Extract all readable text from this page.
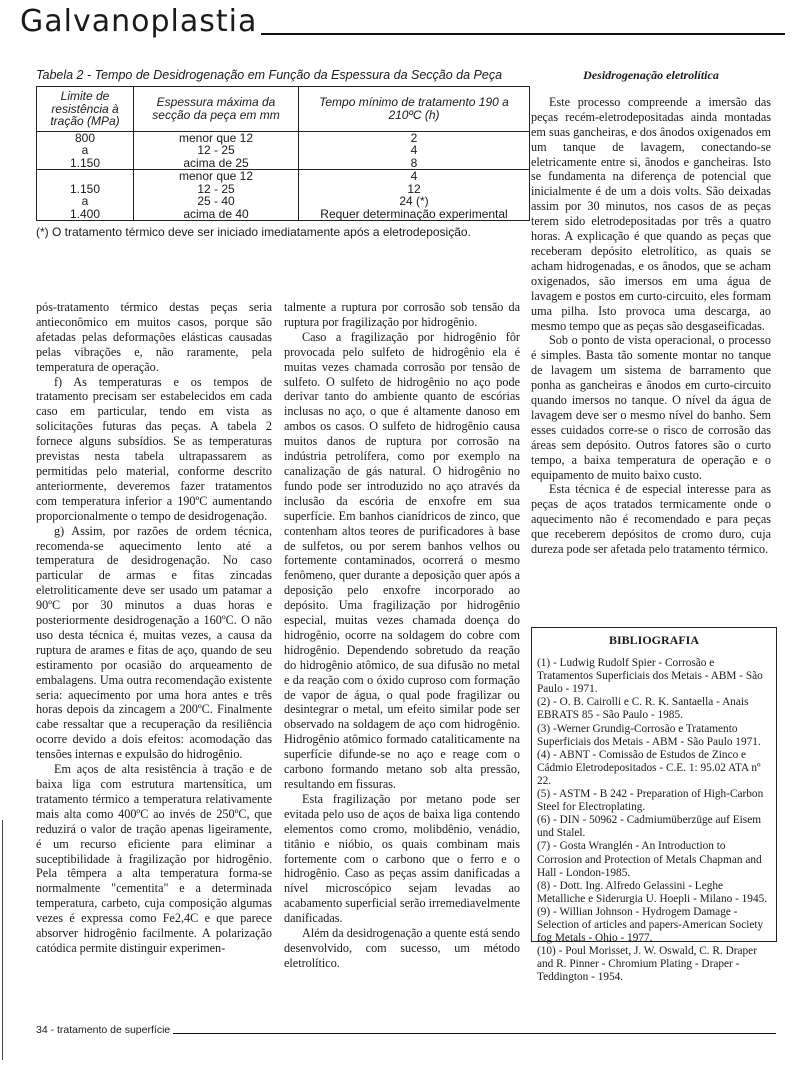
Galvanoplastia
Tabela 2 - Tempo de Desidrogenação em Função da Espessura da Secção da Peça
Limite de resistência à tração (MPa)	Espessura máxima da secção da peça em mm	Tempo mínimo de tratamento 190 a 210ºC (h)
800	menor que 12	2
a	12 - 25	4
1.150	acima de 25	8
	menor que 12	4
1.150	12 - 25	12
a	25 - 40	24 (*)
1.400	acima de 40	Requer determinação experimental
(*) O tratamento térmico deve ser iniciado imediatamente após a eletrodeposição.

pós-tratamento térmico destas peças seria antieconômico em muitos casos, porque são afetadas pelas deformações elásticas causadas pelas vibrações e, não raramente, pela temperatura de operação.

f) As temperaturas e os tempos de tratamento precisam ser estabelecidos em cada caso em particular, tendo em vista as solicitações futuras das peças. A tabela 2 fornece alguns subsídios. Se as temperaturas previstas nesta tabela ultrapassarem as permitidas pelo material, conforme descrito anteriormente, deveremos fazer tratamentos com temperatura inferior a 190ºC aumentando proporcionalmente o tempo de desidrogenação.

g) Assim, por razões de ordem técnica, recomenda-se aquecimento lento até a temperatura de desidrogenação. No caso particular de armas e fitas zincadas eletroliticamente deve ser usado um patamar a 90ºC por 30 minutos a duas horas e posteriormente desidrogenação a 160ºC. O não uso desta técnica é, muitas vezes, a causa da ruptura de arames e fitas de aço, quando de seu estiramento por ocasião do arqueamento de embalagens. Uma outra recomendação existente seria: aquecimento por uma hora antes e três horas depois da zincagem a 200ºC. Finalmente cabe ressaltar que a recuperação da resiliência ocorre devido a dois efeitos: acomodação das tensões internas e expulsão do hidrogênio.

Em aços de alta resistência à tração e de baixa liga com estrutura martensítica, um tratamento térmico a temperatura relativamente mais alta como 400ºC ao invés de 250ºC, que reduzirá o valor de tração apenas ligeiramente, é um recurso eficiente para eliminar a suceptibilidade à fragilização por hidrogênio. Pela têmpera a alta temperatura forma-se normalmente "cementita" e a determinada temperatura, carbeto, cuja composição algumas vezes é expressa como Fe2,4C e que parece absorver hidrogênio facilmente. A polarização catódica permite distinguir experimen-

talmente a ruptura por corrosão sob tensão da ruptura por fragilização por hidrogênio.

Caso a fragilização por hidrogênio fôr provocada pelo sulfeto de hidrogênio ela é muitas vezes chamada corrosão por tensão de sulfeto. O sulfeto de hidrogênio no aço pode derivar tanto do ambiente quanto de escórias inclusas no aço, o que é altamente danoso em ambos os casos. O sulfeto de hidrogênio causa muitos danos de ruptura por corrosão na indústria petrolífera, como por exemplo na canalização de gás natural. O hidrogênio no fundo pode ser introduzido no aço através da inclusão da escória de enxofre em sua superfície. Em banhos cianídricos de zinco, que contenham altos teores de purificadores à base de sulfetos, ou por serem banhos velhos ou fortemente contaminados, ocorrerá o mesmo fenômeno, quer durante a deposição quer após a deposição pelo enxofre incorporado ao depósito. Uma fragilização por hidrogênio especial, muitas vezes chamada doença do hidrogênio, ocorre na soldagem do cobre com hidrogênio. Dependendo sobretudo da reação do hidrogênio atômico, de sua difusão no metal e da reação com o óxido cuproso com formação de vapor de água, o qual pode fragilizar ou desintegrar o metal, um efeito similar pode ser observado na soldagem de aço com hidrogênio. Hidrogênio atômico formado cataliticamente na superfície difunde-se no aço e reage com o carbono formando metano sob alta pressão, resultando em fissuras.

Esta fragilização por metano pode ser evitada pelo uso de aços de baixa liga contendo elementos como cromo, molibdênio, venádio, titânio e nióbio, os quais combinam mais fortemente com o carbono que o ferro e o hidrogênio. Caso as peças assim danificadas a nível microscópico sejam levadas ao acabamento superficial serão irremediavelmente danificadas.

Além da desidrogenação a quente está sendo desenvolvido, com sucesso, um método eletrolítico.

Desidrogenação eletrolítica

Este processo compreende a imersão das peças recém-eletrodepositadas ainda montadas em suas gancheiras, e dos ânodos oxigenados em um tanque de lavagem, conectando-se eletricamente entre si, ânodos e gancheiras. Isto se fundamenta na diferença de potencial que inicialmente é de um a dois volts. São deixadas assim por 30 minutos, nos casos de as peças terem sido eletrodepositadas por três a quatro horas. A explicação é que quando as peças que receberam depósito eletrolítico, as quais se acham hidrogenadas, e os ânodos, que se acham oxigenados, são imersos em uma água de lavagem e postos em curto-circuito, eles formam uma pilha. Isto provoca uma descarga, ao mesmo tempo que as peças são desgaseificadas.

Sob o ponto de vista operacional, o processo é simples. Basta tão somente montar no tanque de lavagem um sistema de barramento que ponha as gancheiras e ânodos em curto-circuito quando imersos no tanque. O nível da água de lavagem deve ser o mesmo nível do banho. Sem esses cuidados corre-se o risco de corrosão das áreas sem depósito. Outros fatores são o curto tempo, a baixa temperatura de operação e o equipamento de muito baixo custo.

Esta técnica é de especial interesse para as peças de aços tratados termicamente onde o aquecimento não é recomendado e para peças que receberem depósitos de cromo duro, cuja dureza pode ser afetada pelo tratamento térmico.

BIBLIOGRAFIA

(1) - Ludwig Rudolf Spier - Corrosão e Tratamentos Superficiais dos Metais - ABM - São Paulo - 1971.

(2) - O. B. Cairolli e C. R. K. Santaella - Anais EBRATS 85 - São Paulo - 1985.

(3) -Werner Grundig-Corrosão e Tratamento Superficiais dos Metais - ABM - São Paulo 1971.

(4) - ABNT - Comissão de Estudos de Zinco e Cádmio Eletrodepositados - C.E. 1: 95.02 ATA nº 22.

(5) - ASTM - B 242 - Preparation of High-Carbon Steel for Electroplating.

(6) - DIN - 50962 - Cadmiumüberzüge auf Eisem und Stalel.

(7) - Gosta Wranglén - An Introduction to Corrosion and Protection of Metals Chapman and Hall - London-1985.

(8) - Dott. Ing. Alfredo Gelassini - Leghe Metalliche e Siderurgia U. Hoepli - Milano - 1945.

(9) - Willian Johnson - Hydrogem Damage - Selection of articles and papers-American Society fog Metals - Ohio - 1977.

(10) - Poul Morisset, J. W. Oswald, C. R. Draper and R. Pinner - Chromium Plating - Draper - Teddington - 1954.

34 - tratamento de superfície
